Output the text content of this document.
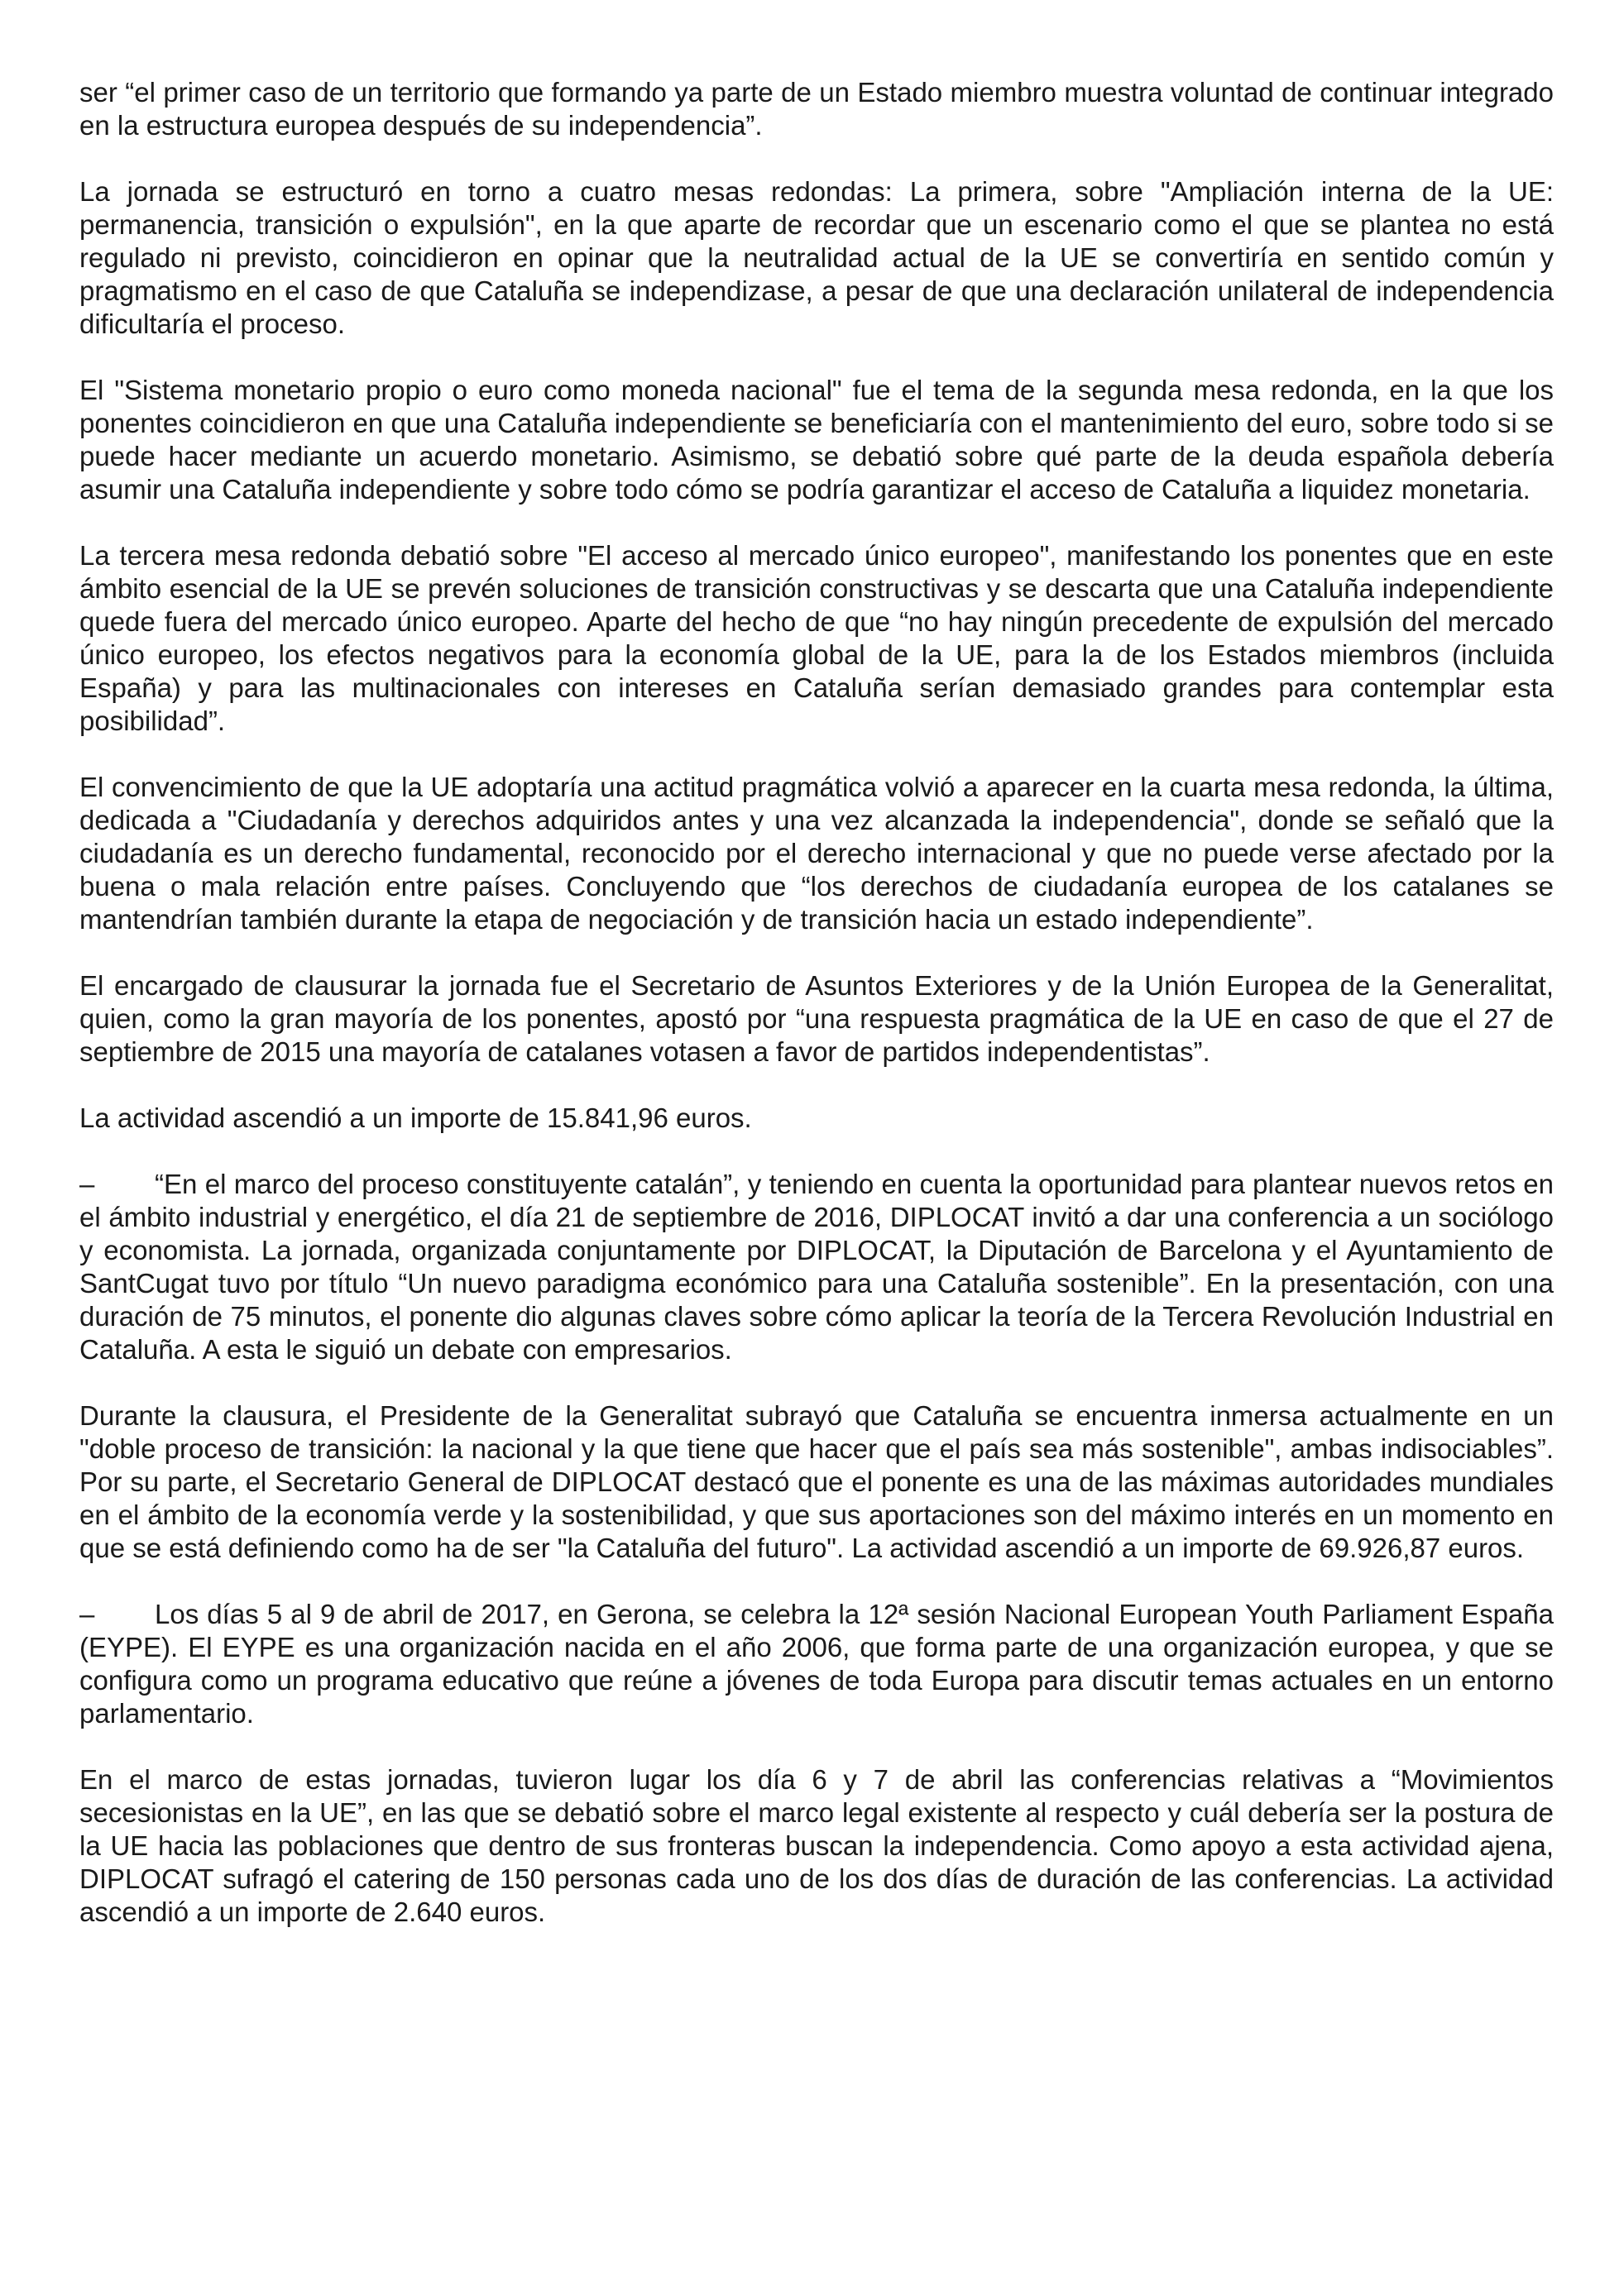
ser “el primer caso de un territorio que formando ya parte de un Estado miembro muestra voluntad de continuar integrado en la estructura europea después de su independencia”.

La jornada se estructuró en torno a cuatro mesas redondas: La primera, sobre "Ampliación interna de la UE: permanencia, transición o expulsión", en la que aparte de recordar que un escenario como el que se plantea no está regulado ni previsto, coincidieron en opinar que la neutralidad actual de la UE se convertiría en sentido común y pragmatismo en el caso de que Cataluña se independizase, a pesar de que una declaración unilateral de independencia dificultaría el proceso.

El "Sistema monetario propio o euro como moneda nacional" fue el tema de la segunda mesa redonda, en la que los ponentes coincidieron en que una Cataluña independiente se beneficiaría con el mantenimiento del euro, sobre todo si se puede hacer mediante un acuerdo monetario. Asimismo, se debatió sobre qué parte de la deuda española debería asumir una Cataluña independiente y sobre todo cómo se podría garantizar el acceso de Cataluña a liquidez monetaria.

La tercera mesa redonda debatió sobre "El acceso al mercado único europeo", manifestando los ponentes que en este ámbito esencial de la UE se prevén soluciones de transición constructivas y se descarta que una Cataluña independiente quede fuera del mercado único europeo. Aparte del hecho de que “no hay ningún precedente de expulsión del mercado único europeo, los efectos negativos para la economía global de la UE, para la de los Estados miembros (incluida España) y para las multinacionales con intereses en Cataluña serían demasiado grandes para contemplar esta posibilidad”.

El convencimiento de que la UE adoptaría una actitud pragmática volvió a aparecer en la cuarta mesa redonda, la última, dedicada a "Ciudadanía y derechos adquiridos antes y una vez alcanzada la independencia", donde se señaló que la ciudadanía es un derecho fundamental, reconocido por el derecho internacional y que no puede verse afectado por la buena o mala relación entre países. Concluyendo que “los derechos de ciudadanía europea de los catalanes se mantendrían también durante la etapa de negociación y de transición hacia un estado independiente”.

El encargado de clausurar la jornada fue el Secretario de Asuntos Exteriores y de la Unión Europea de la Generalitat, quien, como la gran mayoría de los ponentes, apostó por “una respuesta pragmática de la UE en caso de que el 27 de septiembre de 2015 una mayoría de catalanes votasen a favor de partidos independentistas”.

La actividad ascendió a un importe de 15.841,96 euros.

– “En el marco del proceso constituyente catalán”, y teniendo en cuenta la oportunidad para plantear nuevos retos en el ámbito industrial y energético, el día 21 de septiembre de 2016, DIPLOCAT invitó a dar una conferencia a un sociólogo y economista. La jornada, organizada conjuntamente por DIPLOCAT, la Diputación de Barcelona y el Ayuntamiento de SantCugat tuvo por título “Un nuevo paradigma económico para una Cataluña sostenible”. En la presentación, con una duración de 75 minutos, el ponente dio algunas claves sobre cómo aplicar la teoría de la Tercera Revolución Industrial en Cataluña. A esta le siguió un debate con empresarios.

Durante la clausura, el Presidente de la Generalitat subrayó que Cataluña se encuentra inmersa actualmente en un "doble proceso de transición: la nacional y la que tiene que hacer que el país sea más sostenible", ambas indisociables”. Por su parte, el Secretario General de DIPLOCAT destacó que el ponente es una de las máximas autoridades mundiales en el ámbito de la economía verde y la sostenibilidad, y que sus aportaciones son del máximo interés en un momento en que se está definiendo como ha de ser "la Cataluña del futuro". La actividad ascendió a un importe de 69.926,87 euros.

– Los días 5 al 9 de abril de 2017, en Gerona, se celebra la 12ª sesión Nacional European Youth Parliament España (EYPE). El EYPE es una organización nacida en el año 2006, que forma parte de una organización europea, y que se configura como un programa educativo que reúne a jóvenes de toda Europa para discutir temas actuales en un entorno parlamentario.

En el marco de estas jornadas, tuvieron lugar los día 6 y 7 de abril las conferencias relativas a “Movimientos secesionistas en la UE”, en las que se debatió sobre el marco legal existente al respecto y cuál debería ser la postura de la UE hacia las poblaciones que dentro de sus fronteras buscan la independencia. Como apoyo a esta actividad ajena, DIPLOCAT sufragó el catering de 150 personas cada uno de los dos días de duración de las conferencias. La actividad ascendió a un importe de 2.640 euros.
